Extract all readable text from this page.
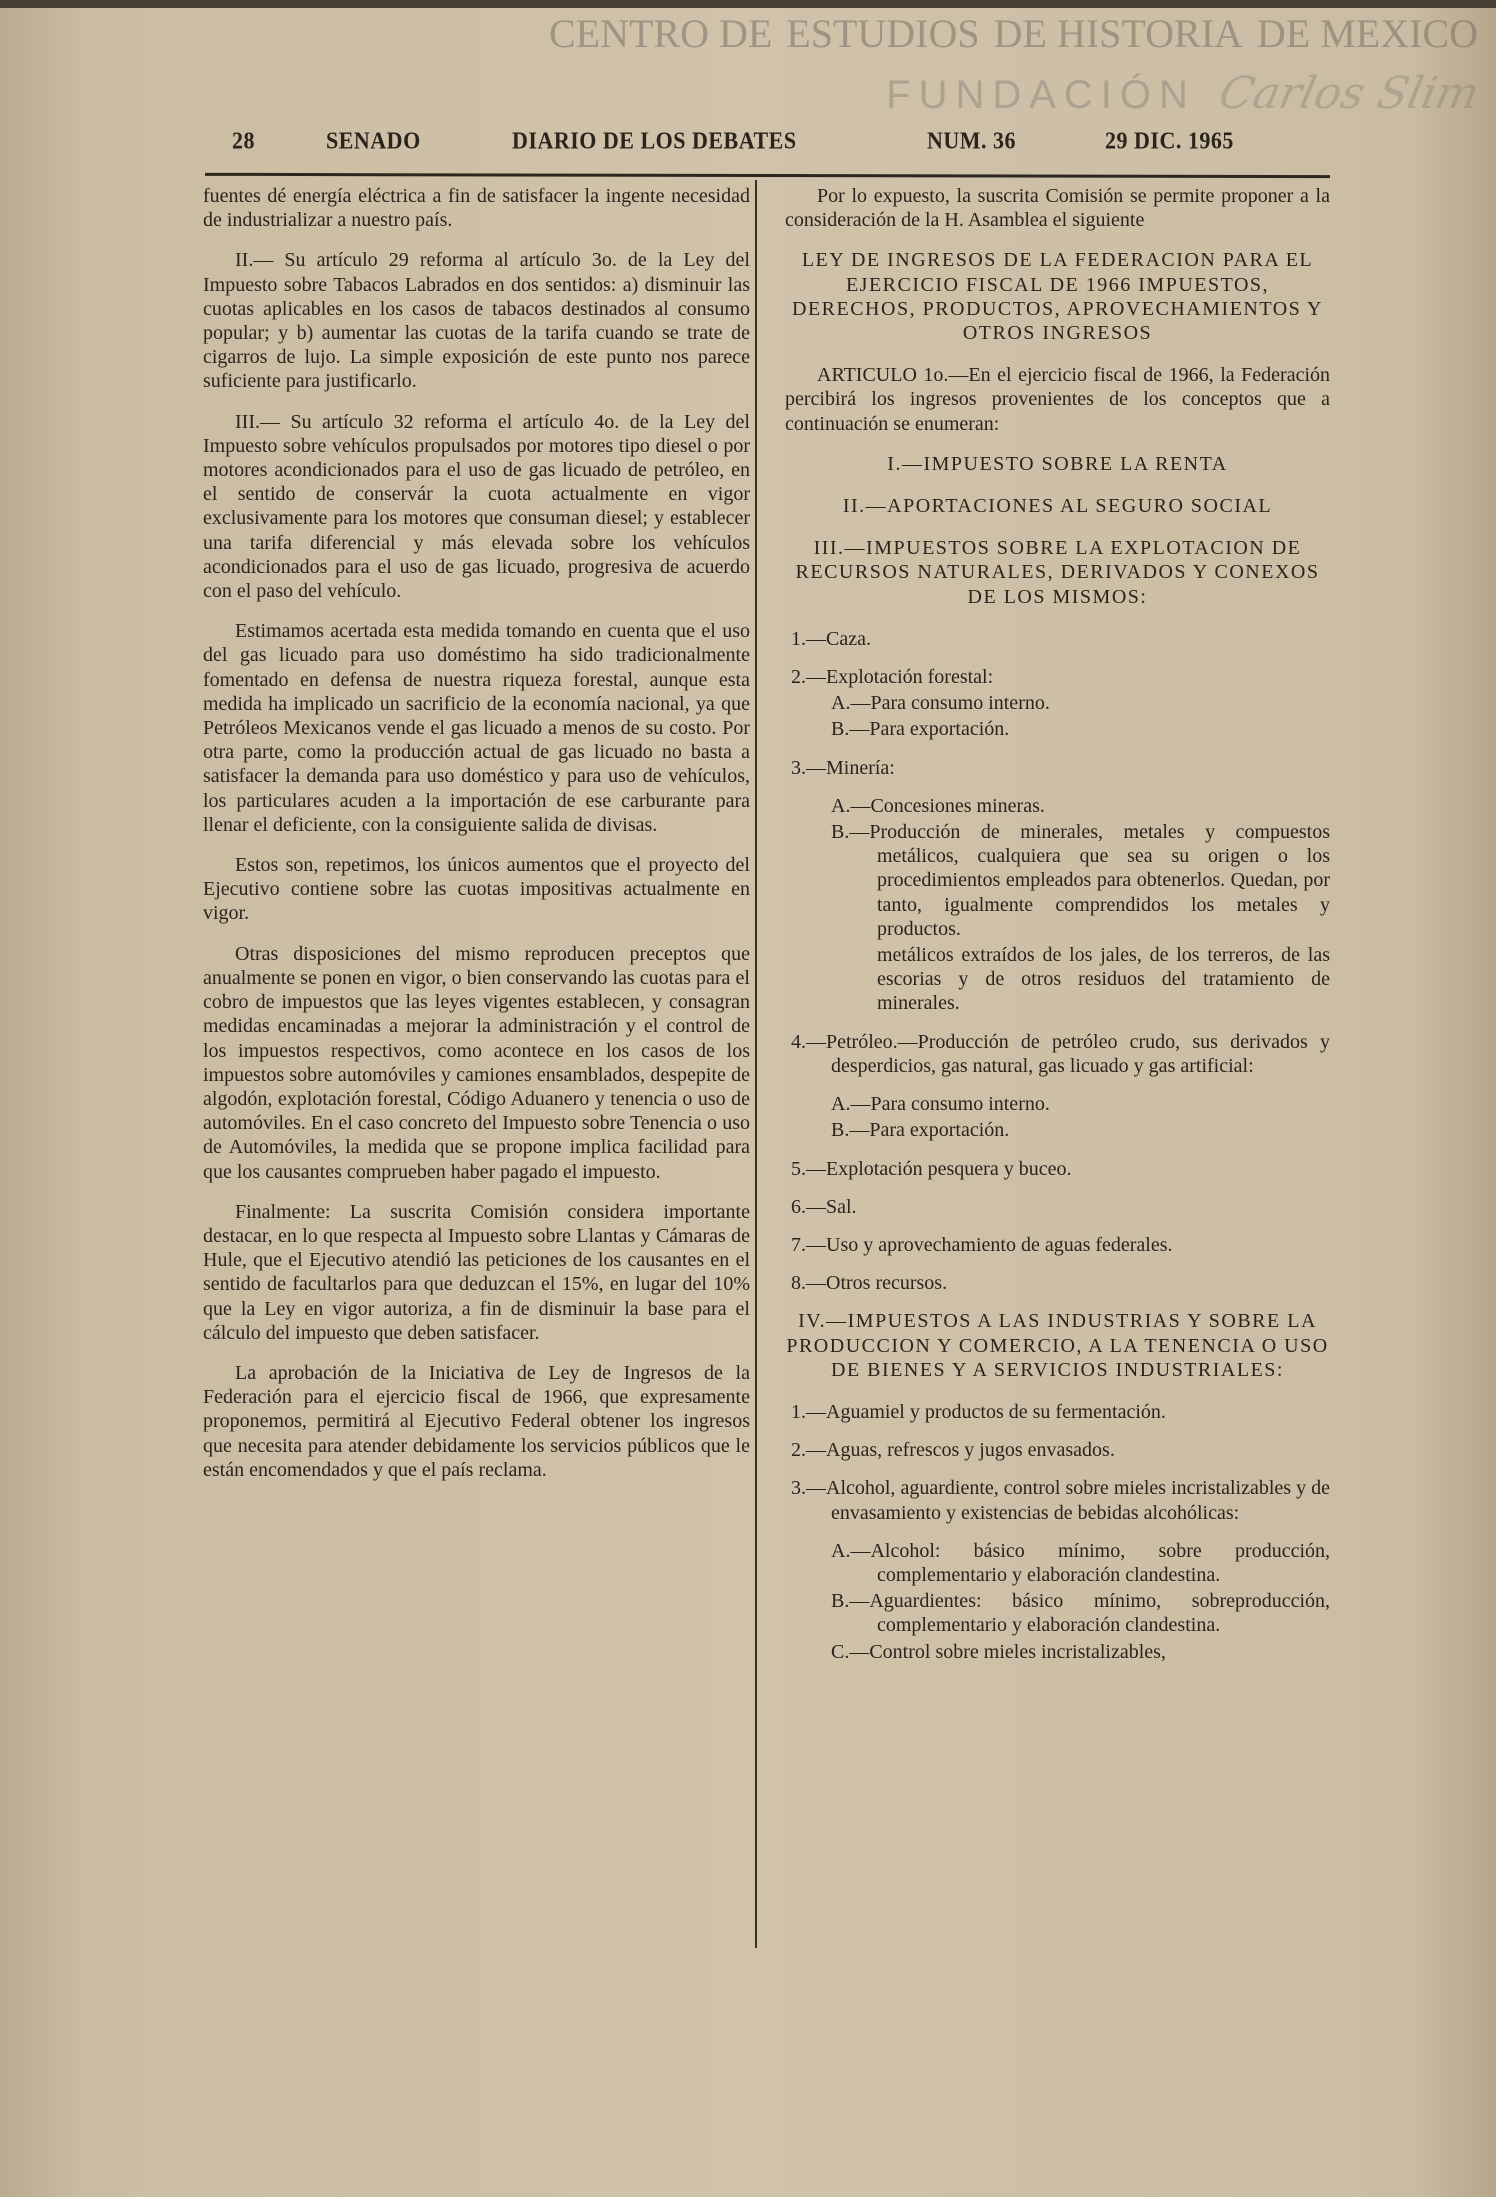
CENTRO DE ESTUDIOS DE HISTORIA DE MEXICO
FUNDACIÓN Carlos Slim
28	SENADO	DIARIO DE LOS DEBATES	NUM. 36	29 DIC. 1965

fuentes dé energía eléctrica a fin de satisfacer la ingente necesidad de industrializar a nuestro país.

II.— Su artículo 29 reforma al artículo 3o. de la Ley del Impuesto sobre Tabacos Labrados en dos sentidos: a) disminuir las cuotas aplicables en los casos de tabacos destinados al consumo popular; y b) aumentar las cuotas de la tarifa cuando se trate de cigarros de lujo. La simple exposición de este punto nos parece suficiente para justificarlo.

III.— Su artículo 32 reforma el artículo 4o. de la Ley del Impuesto sobre vehículos propulsados por motores tipo diesel o por motores acondicionados para el uso de gas licuado de petróleo, en el sentido de conservár la cuota actualmente en vigor exclusivamente para los motores que consuman diesel; y establecer una tarifa diferencial y más elevada sobre los vehículos acondicionados para el uso de gas licuado, progresiva de acuerdo con el paso del vehículo.

Estimamos acertada esta medida tomando en cuenta que el uso del gas licuado para uso doméstimo ha sido tradicionalmente fomentado en defensa de nuestra riqueza forestal, aunque esta medida ha implicado un sacrificio de la economía nacional, ya que Petróleos Mexicanos vende el gas licuado a menos de su costo. Por otra parte, como la producción actual de gas licuado no basta a satisfacer la demanda para uso doméstico y para uso de vehículos, los particulares acuden a la importación de ese carburante para llenar el deficiente, con la consiguiente salida de divisas.

Estos son, repetimos, los únicos aumentos que el proyecto del Ejecutivo contiene sobre las cuotas impositivas actualmente en vigor.

Otras disposiciones del mismo reproducen preceptos que anualmente se ponen en vigor, o bien conservando las cuotas para el cobro de impuestos que las leyes vigentes establecen, y consagran medidas encaminadas a mejorar la administración y el control de los impuestos respectivos, como acontece en los casos de los impuestos sobre automóviles y camiones ensamblados, despepite de algodón, explotación forestal, Código Aduanero y tenencia o uso de automóviles. En el caso concreto del Impuesto sobre Tenencia o uso de Automóviles, la medida que se propone implica facilidad para que los causantes comprueben haber pagado el impuesto.

Finalmente: La suscrita Comisión considera importante destacar, en lo que respecta al Impuesto sobre Llantas y Cámaras de Hule, que el Ejecutivo atendió las peticiones de los causantes en el sentido de facultarlos para que deduzcan el 15%, en lugar del 10% que la Ley en vigor autoriza, a fin de disminuir la base para el cálculo del impuesto que deben satisfacer.

La aprobación de la Iniciativa de Ley de Ingresos de la Federación para el ejercicio fiscal de 1966, que expresamente proponemos, permitirá al Ejecutivo Federal obtener los ingresos que necesita para atender debidamente los servicios públicos que le están encomendados y que el país reclama.

Por lo expuesto, la suscrita Comisión se permite proponer a la consideración de la H. Asamblea el siguiente

LEY DE INGRESOS DE LA FEDERACION PARA EL EJERCICIO FISCAL DE 1966 IMPUESTOS, DERECHOS, PRODUCTOS, APROVECHAMIENTOS Y OTROS INGRESOS

ARTICULO 1o.—En el ejercicio fiscal de 1966, la Federación percibirá los ingresos provenientes de los conceptos que a continuación se enumeran:

I.—IMPUESTO SOBRE LA RENTA

II.—APORTACIONES AL SEGURO SOCIAL

III.—IMPUESTOS SOBRE LA EXPLOTACION DE RECURSOS NATURALES, DERIVADOS Y CONEXOS DE LOS MISMOS:

1.—Caza.

2.—Explotación forestal:

A.—Para consumo interno.

B.—Para exportación.

3.—Minería:

A.—Concesiones mineras.

B.—Producción de minerales, metales y compuestos metálicos, cualquiera que sea su origen o los procedimientos empleados para obtenerlos. Quedan, por tanto, igualmente comprendidos los metales y productos.

metálicos extraídos de los jales, de los terreros, de las escorias y de otros residuos del tratamiento de minerales.

4.—Petróleo.—Producción de petróleo crudo, sus derivados y desperdicios, gas natural, gas licuado y gas artificial:

A.—Para consumo interno.

B.—Para exportación.

5.—Explotación pesquera y buceo.

6.—Sal.

7.—Uso y aprovechamiento de aguas federales.

8.—Otros recursos.

IV.—IMPUESTOS A LAS INDUSTRIAS Y SOBRE LA PRODUCCION Y COMERCIO, A LA TENENCIA O USO DE BIENES Y A SERVICIOS INDUSTRIALES:

1.—Aguamiel y productos de su fermentación.

2.—Aguas, refrescos y jugos envasados.

3.—Alcohol, aguardiente, control sobre mieles incristalizables y de envasamiento y existencias de bebidas alcohólicas:

A.—Alcohol: básico mínimo, sobre producción, complementario y elaboración clandestina.

B.—Aguardientes: básico mínimo, sobreproducción, complementario y elaboración clandestina.

C.—Control sobre mieles incristalizables,
